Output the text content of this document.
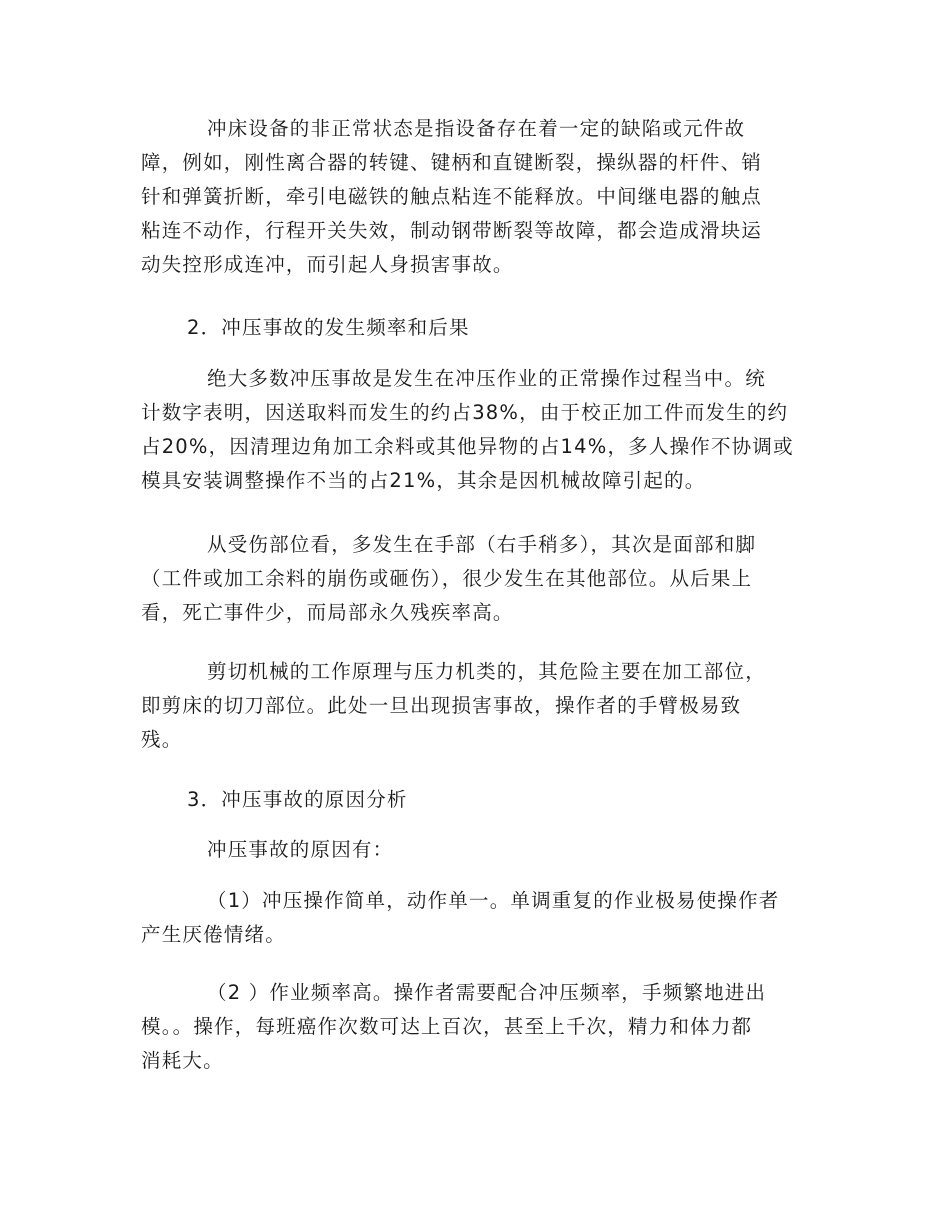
冲床设备的非正常状态是指设备存在着一定的缺陷或元件故
障，例如，刚性离合器的转键、键柄和直键断裂，操纵器的杆件、销
针和弹簧折断，牵引电磁铁的触点粘连不能释放。中间继电器的触点
粘连不动作，行程开关失效，制动钢带断裂等故障，都会造成滑块运
动失控形成连冲，而引起人身损害事故。

2．冲压事故的发生频率和后果

绝大多数冲压事故是发生在冲压作业的正常操作过程当中。统
计数字表明，因送取料而发生的约占38%，由于校正加工件而发生的约
占20%，因清理边角加工余料或其他异物的占14%，多人操作不协调或
模具安装调整操作不当的占21%，其余是因机械故障引起的。

从受伤部位看，多发生在手部（右手稍多），其次是面部和脚
（工件或加工余料的崩伤或砸伤），很少发生在其他部位。从后果上
看，死亡事件少，而局部永久残疾率高。

剪切机械的工作原理与压力机类的，其危险主要在加工部位，
即剪床的切刀部位。此处一旦出现损害事故，操作者的手臂极易致
残。

3．冲压事故的原因分析

冲压事故的原因有：

（1）冲压操作简单，动作单一。单调重复的作业极易使操作者
产生厌倦情绪。

（2 ）作业频率高。操作者需要配合冲压频率，手频繁地进出
模。。操作，每班癌作次数可达上百次，甚至上千次，精力和体力都
消耗大。
